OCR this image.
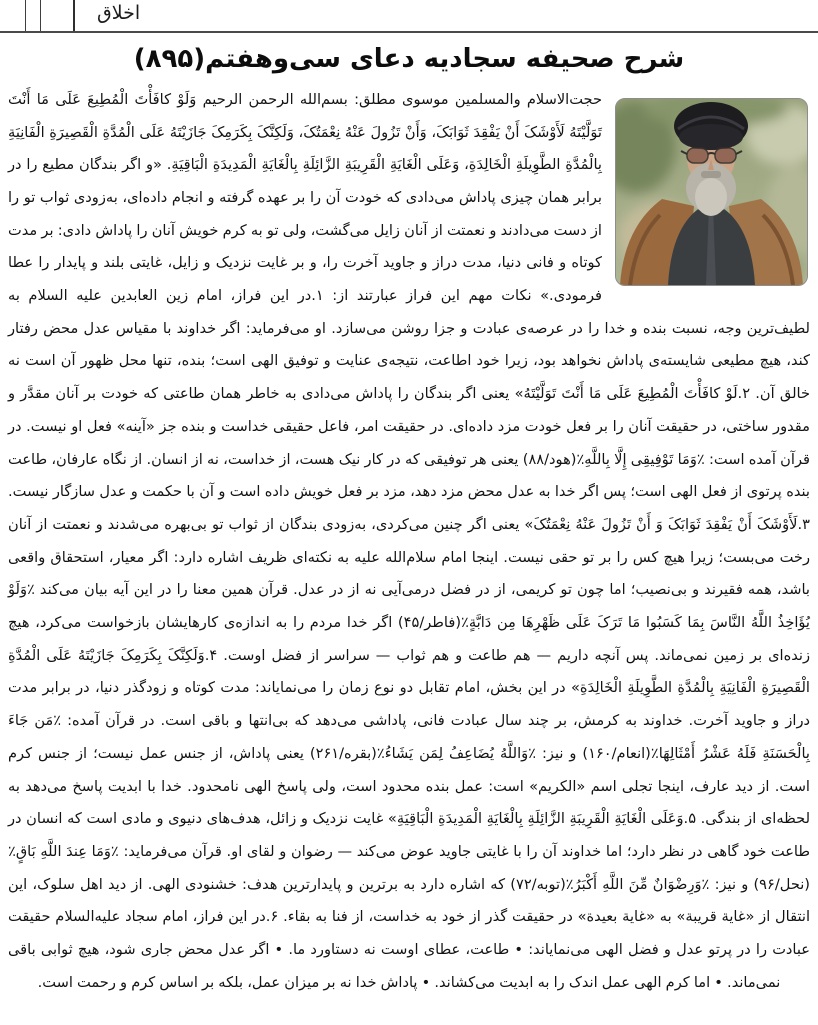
اخلاق
شرح صحیفه سجادیه دعای سی‌وهفتم(۸۹۵)

حجت‌الاسلام والمسلمین موسوی مطلق: بسم‌الله الرحمن الرحیم وَلَوْ کافَأْتَ الْمُطِیعَ عَلَی مَا أَنْتَ تَوَلَّیْتَهُ لَأَوْشَکَ أَنْ یَفْقِدَ ثَوَابَکَ، وَأَنْ تَزُولَ عَنْهُ نِعْمَتُکَ، وَلَکِنَّکَ بِکَرَمِکَ جَازَیْتَهُ عَلَی الْمُدَّةِ الْقَصِیرَةِ الْفَانِیَةِ بِالْمُدَّةِ الطَّوِیلَةِ الْخَالِدَةِ، وَعَلَی الْغَایَةِ الْقَرِیبَةِ الزَّائِلَةِ بِالْغَایَةِ الْمَدِیدَةِ الْبَاقِیَةِ. «و اگر بندگان مطیع را در برابر همان چیزی پاداش می‌دادی که خودت آن را بر عهده گرفته و انجام داده‌ای، به‌زودی ثواب تو را از دست می‌دادند و نعمتت از آنان زایل می‌گشت، ولی تو به کرم خویش آنان را پاداش دادی: بر مدت کوتاه و فانی دنیا، مدت دراز و جاوید آخرت را، و بر غایت نزدیک و زایل، غایتی بلند و پایدار را عطا فرمودی.» نکات مهم این فراز عبارتند از: ۱.در این فراز، امام زین العابدین علیه السلام به لطیف‌ترین وجه، نسبت بنده و خدا را در عرصه‌ی عبادت و جزا روشن می‌سازد. او می‌فرماید: اگر خداوند با مقیاس عدل محض رفتار کند، هیچ مطیعی شایسته‌ی پاداش نخواهد بود، زیرا خود اطاعت، نتیجه‌ی عنایت و توفیق الهی است؛ بنده، تنها محل ظهور آن است نه خالق آن. ۲.لَوْ کافَأْتَ الْمُطِیعَ عَلَی مَا أَنْتَ تَوَلَّیْتَهُ» یعنی اگر بندگان را پاداش می‌دادی به خاطر همان طاعتی که خودت بر آنان مقدَّر و مقدور ساختی، در حقیقت آنان را بر فعل خودت مزد داده‌ای. در حقیقت امر، فاعل حقیقی خداست و بنده جز «آینه» فعل او نیست. در قرآن آمده است: ٪وَمَا تَوْفِیقِی إِلَّا بِاللَّهِ٪(هود/۸۸) یعنی هر توفیقی که در کار نیک هست، از خداست، نه از انسان. از نگاه عارفان، طاعت بنده پرتوی از فعل الهی است؛ پس اگر خدا به عدل محض مزد دهد، مزد بر فعل خویش داده است و آن با حکمت و عدل سازگار نیست. ۳.لَأَوْشَکَ أَنْ یَفْقِدَ ثَوَابَکَ وَ أَنْ تَزُولَ عَنْهُ نِعْمَتُکَ» یعنی اگر چنین می‌کردی، به‌زودی بندگان از ثواب تو بی‌بهره می‌شدند و نعمتت از آنان رخت می‌بست؛ زیرا هیچ کس را بر تو حقی نیست. اینجا امام سلام‌الله علیه به نکته‌ای ظریف اشاره دارد: اگر معیار، استحقاق واقعی باشد، همه فقیرند و بی‌نصیب؛ اما چون تو کریمی، از در فضل درمی‌آیی نه از در عدل. قرآن همین معنا را در این آیه بیان می‌کند ٪وَلَوْ یُؤَاخِذُ اللَّهُ النَّاسَ بِمَا کَسَبُوا مَا تَرَکَ عَلَی ظَهْرِهَا مِن دَابَّةٍ٪(فاطر/۴۵) اگر خدا مردم را به اندازه‌ی کارهایشان بازخواست می‌کرد، هیچ زنده‌ای بر زمین نمی‌ماند. پس آنچه داریم — هم طاعت و هم ثواب — سراسر از فضل اوست. ۴.وَلَکِنَّکَ بِکَرَمِکَ جَازَیْتَهُ عَلَی الْمُدَّةِ الْقَصِیرَةِ الْفَانِیَةِ بِالْمُدَّةِ الطَّوِیلَةِ الْخَالِدَةِ» در این بخش، امام تقابل دو نوع زمان را می‌نمایاند: مدت کوتاه و زودگذر دنیا، در برابر مدت دراز و جاوید آخرت. خداوند به کرمش، بر چند سال عبادت فانی، پاداشی می‌دهد که بی‌انتها و باقی است. در قرآن آمده: ٪مَن جَاءَ بِالْحَسَنَةِ فَلَهُ عَشْرُ أَمْثَالِهَا٪(انعام/۱۶۰) و نیز: ٪وَاللَّهُ یُضَاعِفُ لِمَن یَشَاءُ٪(بقره/۲۶۱) یعنی پاداش، از جنس عمل نیست؛ از جنس کرم است. از دید عارف، اینجا تجلی اسم «الکریم» است: عمل بنده محدود است، ولی پاسخ الهی نامحدود. خدا با ابدیت پاسخ می‌دهد به لحظه‌ای از بندگی. ۵.وَعَلَی الْغَایَةِ الْقَرِیبَةِ الزَّائِلَةِ بِالْغَایَةِ الْمَدِیدَةِ الْبَاقِیَةِ» غایت نزدیک و زائل، هدف‌های دنیوی و مادی است که انسان در طاعت خود گاهی در نظر دارد؛ اما خداوند آن را با غایتی جاوید عوض می‌کند — رضوان و لقای او. قرآن می‌فرماید: ٪وَمَا عِندَ اللَّهِ بَاقٍ٪(نحل/۹۶) و نیز: ٪وَرِضْوَانٌ مِّنَ اللَّهِ أَکْبَرُ٪(توبه/۷۲) که اشاره دارد به برترین و پایدارترین هدف: خشنودی الهی. از دید اهل سلوک، این انتقال از «غایة قریبة» به «غایة بعیدة» در حقیقت گذر از خود به خداست، از فنا به بقاء. ۶.در این فراز، امام سجاد علیه‌السلام حقیقت عبادت را در پرتو عدل و فضل الهی می‌نمایاند: • طاعت، عطای اوست نه دستاورد ما. • اگر عدل محض جاری شود، هیچ ثوابی باقی نمی‌ماند. • اما کرم الهی عمل اندک را به ابدیت می‌کشاند. • پاداش خدا نه بر میزان عمل، بلکه بر اساس کرم و رحمت است.
